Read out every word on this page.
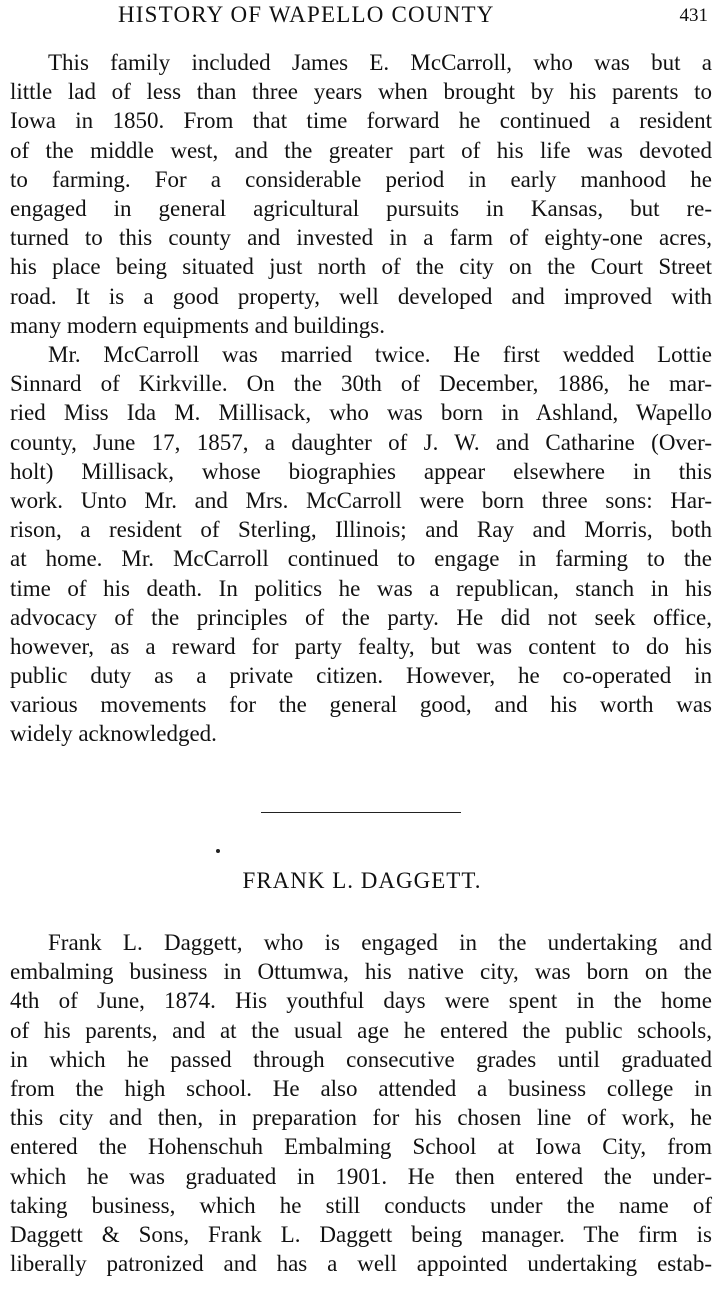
HISTORY OF WAPELLO COUNTY	431
This family included James E. McCarroll, who was but a
little lad of less than three years when brought by his parents to
Iowa in 1850. From that time forward he continued a resident
of the middle west, and the greater part of his life was devoted
to farming. For a considerable period in early manhood he
engaged in general agricultural pursuits in Kansas, but re-
turned to this county and invested in a farm of eighty-one acres,
his place being situated just north of the city on the Court Street
road. It is a good property, well developed and improved with
many modern equipments and buildings.
Mr. McCarroll was married twice. He first wedded Lottie
Sinnard of Kirkville. On the 30th of December, 1886, he mar-
ried Miss Ida M. Millisack, who was born in Ashland, Wapello
county, June 17, 1857, a daughter of J. W. and Catharine (Over-
holt) Millisack, whose biographies appear elsewhere in this
work. Unto Mr. and Mrs. McCarroll were born three sons: Har-
rison, a resident of Sterling, Illinois; and Ray and Morris, both
at home. Mr. McCarroll continued to engage in farming to the
time of his death. In politics he was a republican, stanch in his
advocacy of the principles of the party. He did not seek office,
however, as a reward for party fealty, but was content to do his
public duty as a private citizen. However, he co-operated in
various movements for the general good, and his worth was
widely acknowledged.
FRANK L. DAGGETT.
Frank L. Daggett, who is engaged in the undertaking and
embalming business in Ottumwa, his native city, was born on the
4th of June, 1874. His youthful days were spent in the home
of his parents, and at the usual age he entered the public schools,
in which he passed through consecutive grades until graduated
from the high school. He also attended a business college in
this city and then, in preparation for his chosen line of work, he
entered the Hohenschuh Embalming School at Iowa City, from
which he was graduated in 1901. He then entered the under-
taking business, which he still conducts under the name of
Daggett & Sons, Frank L. Daggett being manager. The firm is
liberally patronized and has a well appointed undertaking estab-
